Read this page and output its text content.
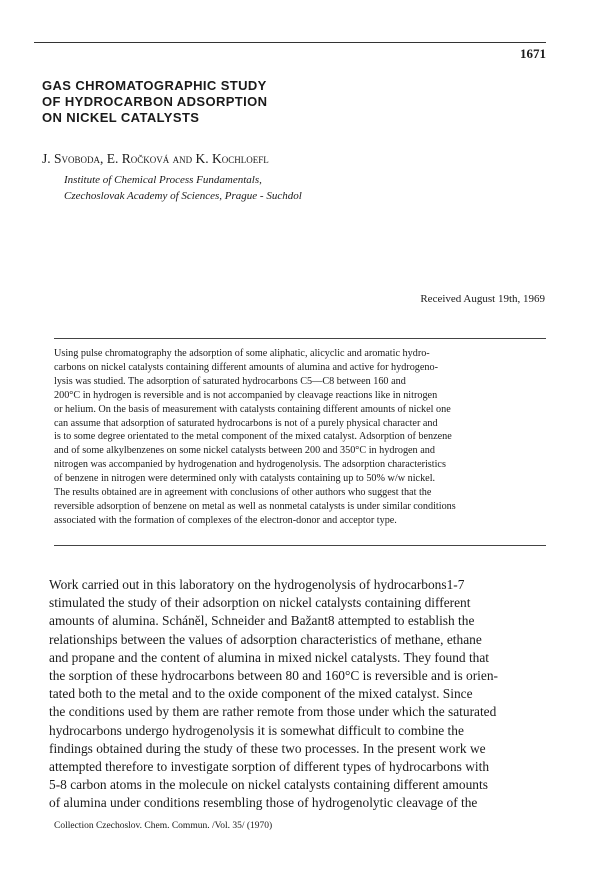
1671
GAS CHROMATOGRAPHIC STUDY
OF HYDROCARBON ADSORPTION
ON NICKEL CATALYSTS
J. Svoboda, E. Ročková and K. Kochloefl
Institute of Chemical Process Fundamentals,
Czechoslovak Academy of Sciences, Prague - Suchdol
Received August 19th, 1969
Using pulse chromatography the adsorption of some aliphatic, alicyclic and aromatic hydro-
carbons on nickel catalysts containing different amounts of alumina and active for hydrogeno-
lysis was studied. The adsorption of saturated hydrocarbons C5—C8 between 160 and
200°C in hydrogen is reversible and is not accompanied by cleavage reactions like in nitrogen
or helium. On the basis of measurement with catalysts containing different amounts of nickel one
can assume that adsorption of saturated hydrocarbons is not of a purely physical character and
is to some degree orientated to the metal component of the mixed catalyst. Adsorption of benzene
and of some alkylbenzenes on some nickel catalysts between 200 and 350°C in hydrogen and
nitrogen was accompanied by hydrogenation and hydrogenolysis. The adsorption characteristics
of benzene in nitrogen were determined only with catalysts containing up to 50% w/w nickel.
The results obtained are in agreement with conclusions of other authors who suggest that the
reversible adsorption of benzene on metal as well as nonmetal catalysts is under similar conditions
associated with the formation of complexes of the electron-donor and acceptor type.
Work carried out in this laboratory on the hydrogenolysis of hydrocarbons1-7
stimulated the study of their adsorption on nickel catalysts containing different
amounts of alumina. Schánĕl, Schneider and Bažant8 attempted to establish the
relationships between the values of adsorption characteristics of methane, ethane
and propane and the content of alumina in mixed nickel catalysts. They found that
the sorption of these hydrocarbons between 80 and 160°C is reversible and is orien-
tated both to the metal and to the oxide component of the mixed catalyst. Since
the conditions used by them are rather remote from those under which the saturated
hydrocarbons undergo hydrogenolysis it is somewhat difficult to combine the
findings obtained during the study of these two processes. In the present work we
attempted therefore to investigate sorption of different types of hydrocarbons with
5-8 carbon atoms in the molecule on nickel catalysts containing different amounts
of alumina under conditions resembling those of hydrogenolytic cleavage of the
Collection Czechoslov. Chem. Commun. /Vol. 35/ (1970)
